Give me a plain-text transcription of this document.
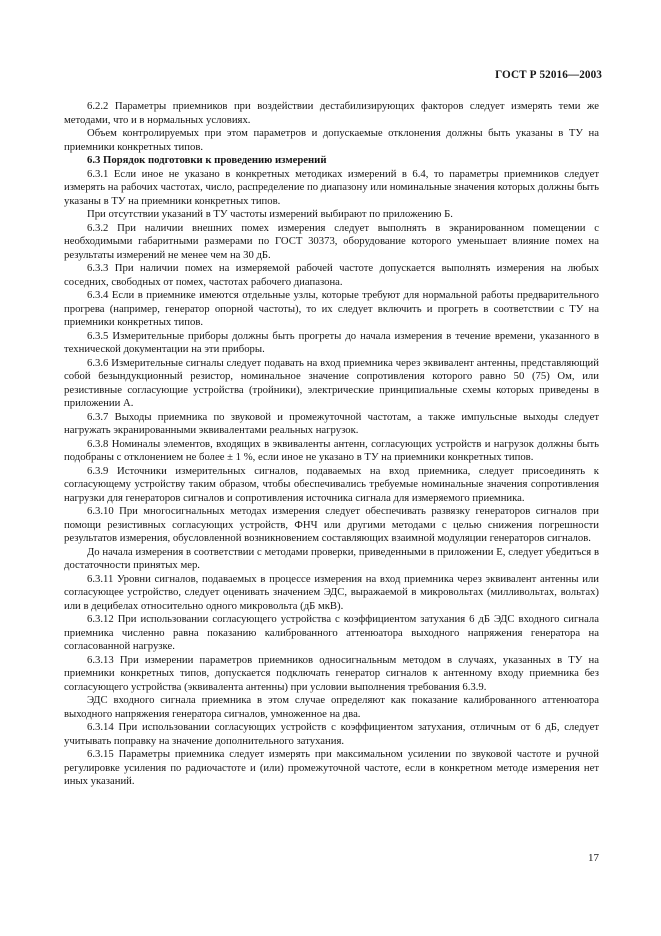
ГОСТ Р 52016—2003

6.2.2 Параметры приемников при воздействии дестабилизирующих факторов следует измерять теми же методами, что и в нормальных условиях.

Объем контролируемых при этом параметров и допускаемые отклонения должны быть указаны в ТУ на приемники конкретных типов.

6.3 Порядок подготовки к проведению измерений

6.3.1 Если иное не указано в конкретных методиках измерений в 6.4, то параметры приемников следует измерять на рабочих частотах, число, распределение по диапазону или номинальные значения которых должны быть указаны в ТУ на приемники конкретных типов.

При отсутствии указаний в ТУ частоты измерений выбирают по приложению Б.

6.3.2 При наличии внешних помех измерения следует выполнять в экранированном помещении с необходимыми габаритными размерами по ГОСТ 30373, оборудование которого уменьшает влияние помех на результаты измерений не менее чем на 30 дБ.

6.3.3 При наличии помех на измеряемой рабочей частоте допускается выполнять измерения на любых соседних, свободных от помех, частотах рабочего диапазона.

6.3.4 Если в приемнике имеются отдельные узлы, которые требуют для нормальной работы предварительного прогрева (например, генератор опорной частоты), то их следует включить и прогреть в соответствии с ТУ на приемники конкретных типов.

6.3.5 Измерительные приборы должны быть прогреты до начала измерения в течение времени, указанного в технической документации на эти приборы.

6.3.6 Измерительные сигналы следует подавать на вход приемника через эквивалент антенны, представляющий собой безындукционный резистор, номинальное значение сопротивления которого равно 50 (75) Ом, или резистивные согласующие устройства (тройники), электрические принципиальные схемы которых приведены в приложении А.

6.3.7 Выходы приемника по звуковой и промежуточной частотам, а также импульсные выходы следует нагружать экранированными эквивалентами реальных нагрузок.

6.3.8 Номиналы элементов, входящих в эквиваленты антенн, согласующих устройств и нагрузок должны быть подобраны с отклонением не более ± 1 %, если иное не указано в ТУ на приемники конкретных типов.

6.3.9 Источники измерительных сигналов, подаваемых на вход приемника, следует присоединять к согласующему устройству таким образом, чтобы обеспечивались требуемые номинальные значения сопротивления нагрузки для генераторов сигналов и сопротивления источника сигнала для измеряемого приемника.

6.3.10 При многосигнальных методах измерения следует обеспечивать развязку генераторов сигналов при помощи резистивных согласующих устройств, ФНЧ или другими методами с целью снижения погрешности результатов измерения, обусловленной возникновением составляющих взаимной модуляции генераторов сигналов.

До начала измерения в соответствии с методами проверки, приведенными в приложении Е, следует убедиться в достаточности принятых мер.

6.3.11 Уровни сигналов, подаваемых в процессе измерения на вход приемника через эквивалент антенны или согласующее устройство, следует оценивать значением ЭДС, выражаемой в микровольтах (милливольтах, вольтах) или в децибелах относительно одного микровольта (дБ мкВ).

6.3.12 При использовании согласующего устройства с коэффициентом затухания 6 дБ ЭДС входного сигнала приемника численно равна показанию калиброванного аттенюатора выходного напряжения генератора на согласованной нагрузке.

6.3.13 При измерении параметров приемников односигнальным методом в случаях, указанных в ТУ на приемники конкретных типов, допускается подключать генератор сигналов к антенному входу приемника без согласующего устройства (эквивалента антенны) при условии выполнения требования 6.3.9.

ЭДС входного сигнала приемника в этом случае определяют как показание калиброванного аттенюатора выходного напряжения генератора сигналов, умноженное на два.

6.3.14 При использовании согласующих устройств с коэффициентом затухания, отличным от 6 дБ, следует учитывать поправку на значение дополнительного затухания.

6.3.15 Параметры приемника следует измерять при максимальном усилении по звуковой частоте и ручной регулировке усиления по радиочастоте и (или) промежуточной частоте, если в конкретном методе измерения нет иных указаний.

17
